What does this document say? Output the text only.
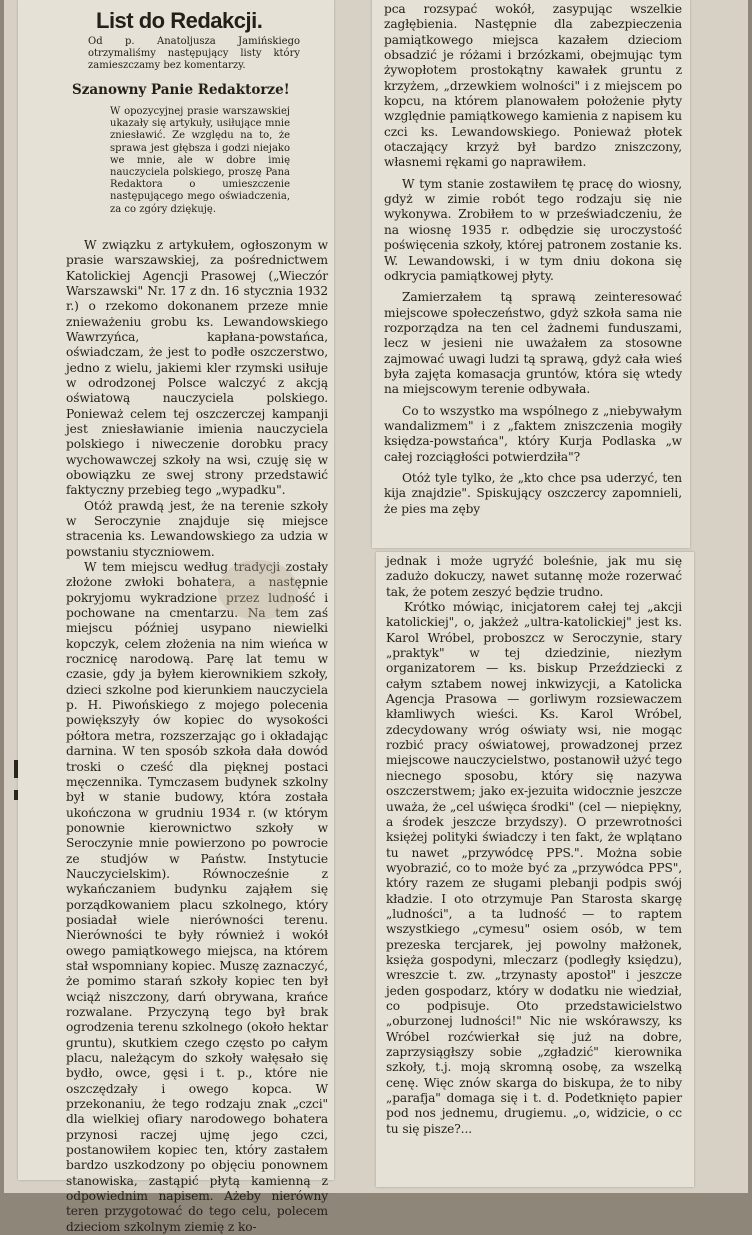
List do Redakcji.
Od p. Anatoljusza Jamińskiego otrzymaliśmy następujący listy który zamieszczamy bez komentarzy.
Szanowny Panie Redaktorze!
W opozycyjnej prasie warszawskiej ukazały się artykuły, usiłujące mnie zniesławić. Ze względu na to, że sprawa jest głębsza i godzi niejako we mnie, ale w dobre imię nauczyciela polskiego, proszę Pana Redaktora o umieszczenie następującego mego oświadczenia, za co zgóry dziękuję.

W związku z artykułem, ogłoszonym w prasie warszawskiej, za pośrednictwem Katolickiej Agencji Prasowej („Wieczór Warszawski" Nr. 17 z dn. 16 stycznia 1932 r.) o rzekomo dokonanem przeze mnie znieważeniu grobu ks. Lewandowskiego Wawrzyńca, kapłana-powstańca, oświadczam, że jest to podłe oszczerstwo, jedno z wielu, jakiemi kler rzymski usiłuje w odrodzonej Polsce walczyć z akcją oświatową nauczyciela polskiego. Ponieważ celem tej oszczerczej kampanji jest zniesławianie imienia nauczyciela polskiego i niweczenie dorobku pracy wychowawczej szkoły na wsi, czuję się w obowiązku ze swej strony przedstawić faktyczny przebieg tego „wypadku".

Otóż prawdą jest, że na terenie szkoły w Seroczynie znajduje się miejsce stracenia ks. Lewandowskiego za udzia w powstaniu styczniowem.

W tem miejscu według tradycji zostały złożone zwłoki bohatera, a następnie pokryjomu wykradzione przez ludność i pochowane na cmentarzu. Na tem zaś miejscu później usypano niewielki kopczyk, celem złożenia na nim wieńca w rocznicę narodową. Parę lat temu w czasie, gdy ja byłem kierownikiem szkoły, dzieci szkolne pod kierunkiem nauczyciela p. H. Piwońskiego z mojego polecenia powiększyły ów kopiec do wysokości półtora metra, rozszerzając go i okładając darnina. W ten sposób szkoła dała dowód troski o cześć dla pięknej postaci męczennika. Tymczasem budynek szkolny był w stanie budowy, która została ukończona w grudniu 1934 r. (w którym ponownie kierownictwo szkoły w Seroczynie mnie powierzono po powrocie ze studjów w Państw. Instytucie Nauczycielskim). Równocześnie z wykańczaniem budynku zająłem się porządkowaniem placu szkolnego, który posiadał wiele nierówności terenu. Nierówności te były również i wokół owego pamiątkowego miejsca, na którem stał wspomniany kopiec. Muszę zaznaczyć, że pomimo starań szkoły kopiec ten był wciąż niszczony, darń obrywana, krańce rozwalane. Przyczyną tego był brak ogrodzenia terenu szkolnego (około hektar gruntu), skutkiem czego często po całym placu, należącym do szkoły wałęsało się bydło, owce, gęsi i t. p., które nie oszczędzały i owego kopca. W przekonaniu, że tego rodzaju znak „czci" dla wielkiej ofiary narodowego bohatera przynosi raczej ujmę jego czci, postanowiłem kopiec ten, który zastałem bardzo uszkodzony po objęciu ponownem stanowiska, zastąpić płytą kamienną z odpowiednim napisem. Ażeby nierówny teren przygotować do tego celu, polecem dzieciom szkolnym ziemię z ko-

pca rozsypać wokół, zasypując wszelkie zagłębienia. Następnie dla zabezpieczenia pamiątkowego miejsca kazałem dzieciom obsadzić je różami i brzózkami, obejmując tym żywopłotem prostokątny kawałek gruntu z krzyżem, „drzewkiem wolności" i z miejscem po kopcu, na którem planowałem położenie płyty względnie pamiątkowego kamienia z napisem ku czci ks. Lewandowskiego. Ponieważ płotek otaczający krzyż był bardzo zniszczony, własnemi rękami go naprawiłem.

W tym stanie zostawiłem tę pracę do wiosny, gdyż w zimie robót tego rodzaju się nie wykonywa. Zrobiłem to w przeświadczeniu, że na wiosnę 1935 r. odbędzie się uroczystość poświęcenia szkoły, której patronem zostanie ks. W. Lewandowski, i w tym dniu dokona się odkrycia pamiątkowej płyty.

Zamierzałem tą sprawą zeinteresować miejscowe społeczeństwo, gdyż szkoła sama nie rozporządza na ten cel żadnemi funduszami, lecz w jesieni nie uważałem za stosowne zajmować uwagi ludzi tą sprawą, gdyż cała wieś była zajęta komasacja gruntów, która się wtedy na miejscowym terenie odbywała.

Co to wszystko ma wspólnego z „niebywałym wandalizmem" i z „faktem zniszczenia mogiły księdza-powstańca", który Kurja Podlaska „w całej rozciągłości potwierdziła"?

Otóż tyle tylko, że „kto chce psa uderzyć, ten kija znajdzie". Spiskujący oszczercy zapomnieli, że pies ma zęby

jednak i może ugryźć boleśnie, jak mu się zadużo dokuczy, nawet sutannę może rozerwać tak, że potem zeszyć będzie trudno.

Krótko mówiąc, inicjatorem całej tej „akcji katolickiej", o, jakżeż „ultra-katolickiej" jest ks. Karol Wróbel, proboszcz w Seroczynie, stary „praktyk" w tej dziedzinie, niezłym organizatorem — ks. biskup Przeździecki z całym sztabem nowej inkwizycji, a Katolicka Agencja Prasowa — gorliwym rozsiewaczem kłamliwych wieści. Ks. Karol Wróbel, zdecydowany wróg oświaty wsi, nie mogąc rozbić pracy oświatowej, prowadzonej przez miejscowe nauczycielstwo, postanowił użyć tego niecnego sposobu, który się nazywa oszczerstwem; jako ex-jezuita widocznie jeszcze uważa, że „cel uświęca środki" (cel — niepiękny, a środek jeszcze brzydszy). O przewrotności księżej polityki świadczy i ten fakt, że wplątano tu nawet „przywódcę PPS.". Można sobie wyobrazić, co to może być za „przywódca PPS", który razem ze sługami plebanji podpis swój kładzie. I oto otrzymuje Pan Starosta skargę „ludności", a ta ludność — to raptem wszystkiego „cymesu" osiem osób, w tem prezeska tercjarek, jej powolny małżonek, księża gospodyni, mleczarz (podległy księdzu), wreszcie t. zw. „trzynasty apostoł" i jeszcze jeden gospodarz, który w dodatku nie wiedział, co podpisuje. Oto przedstawicielstwo „oburzonej ludności!" Nic nie wskórawszy, ks Wróbel rozćwierkał się już na dobre, zaprzysiągłszy sobie „zgładzić" kierownika szkoły, t.j. moją skromną osobę, za wszelką cenę. Więc znów skarga do biskupa, że to niby „parafja" domaga się i t. d. Podetknięto papier pod nos jednemu, drugiemu. „o, widzicie, o cc tu się pisze?...
